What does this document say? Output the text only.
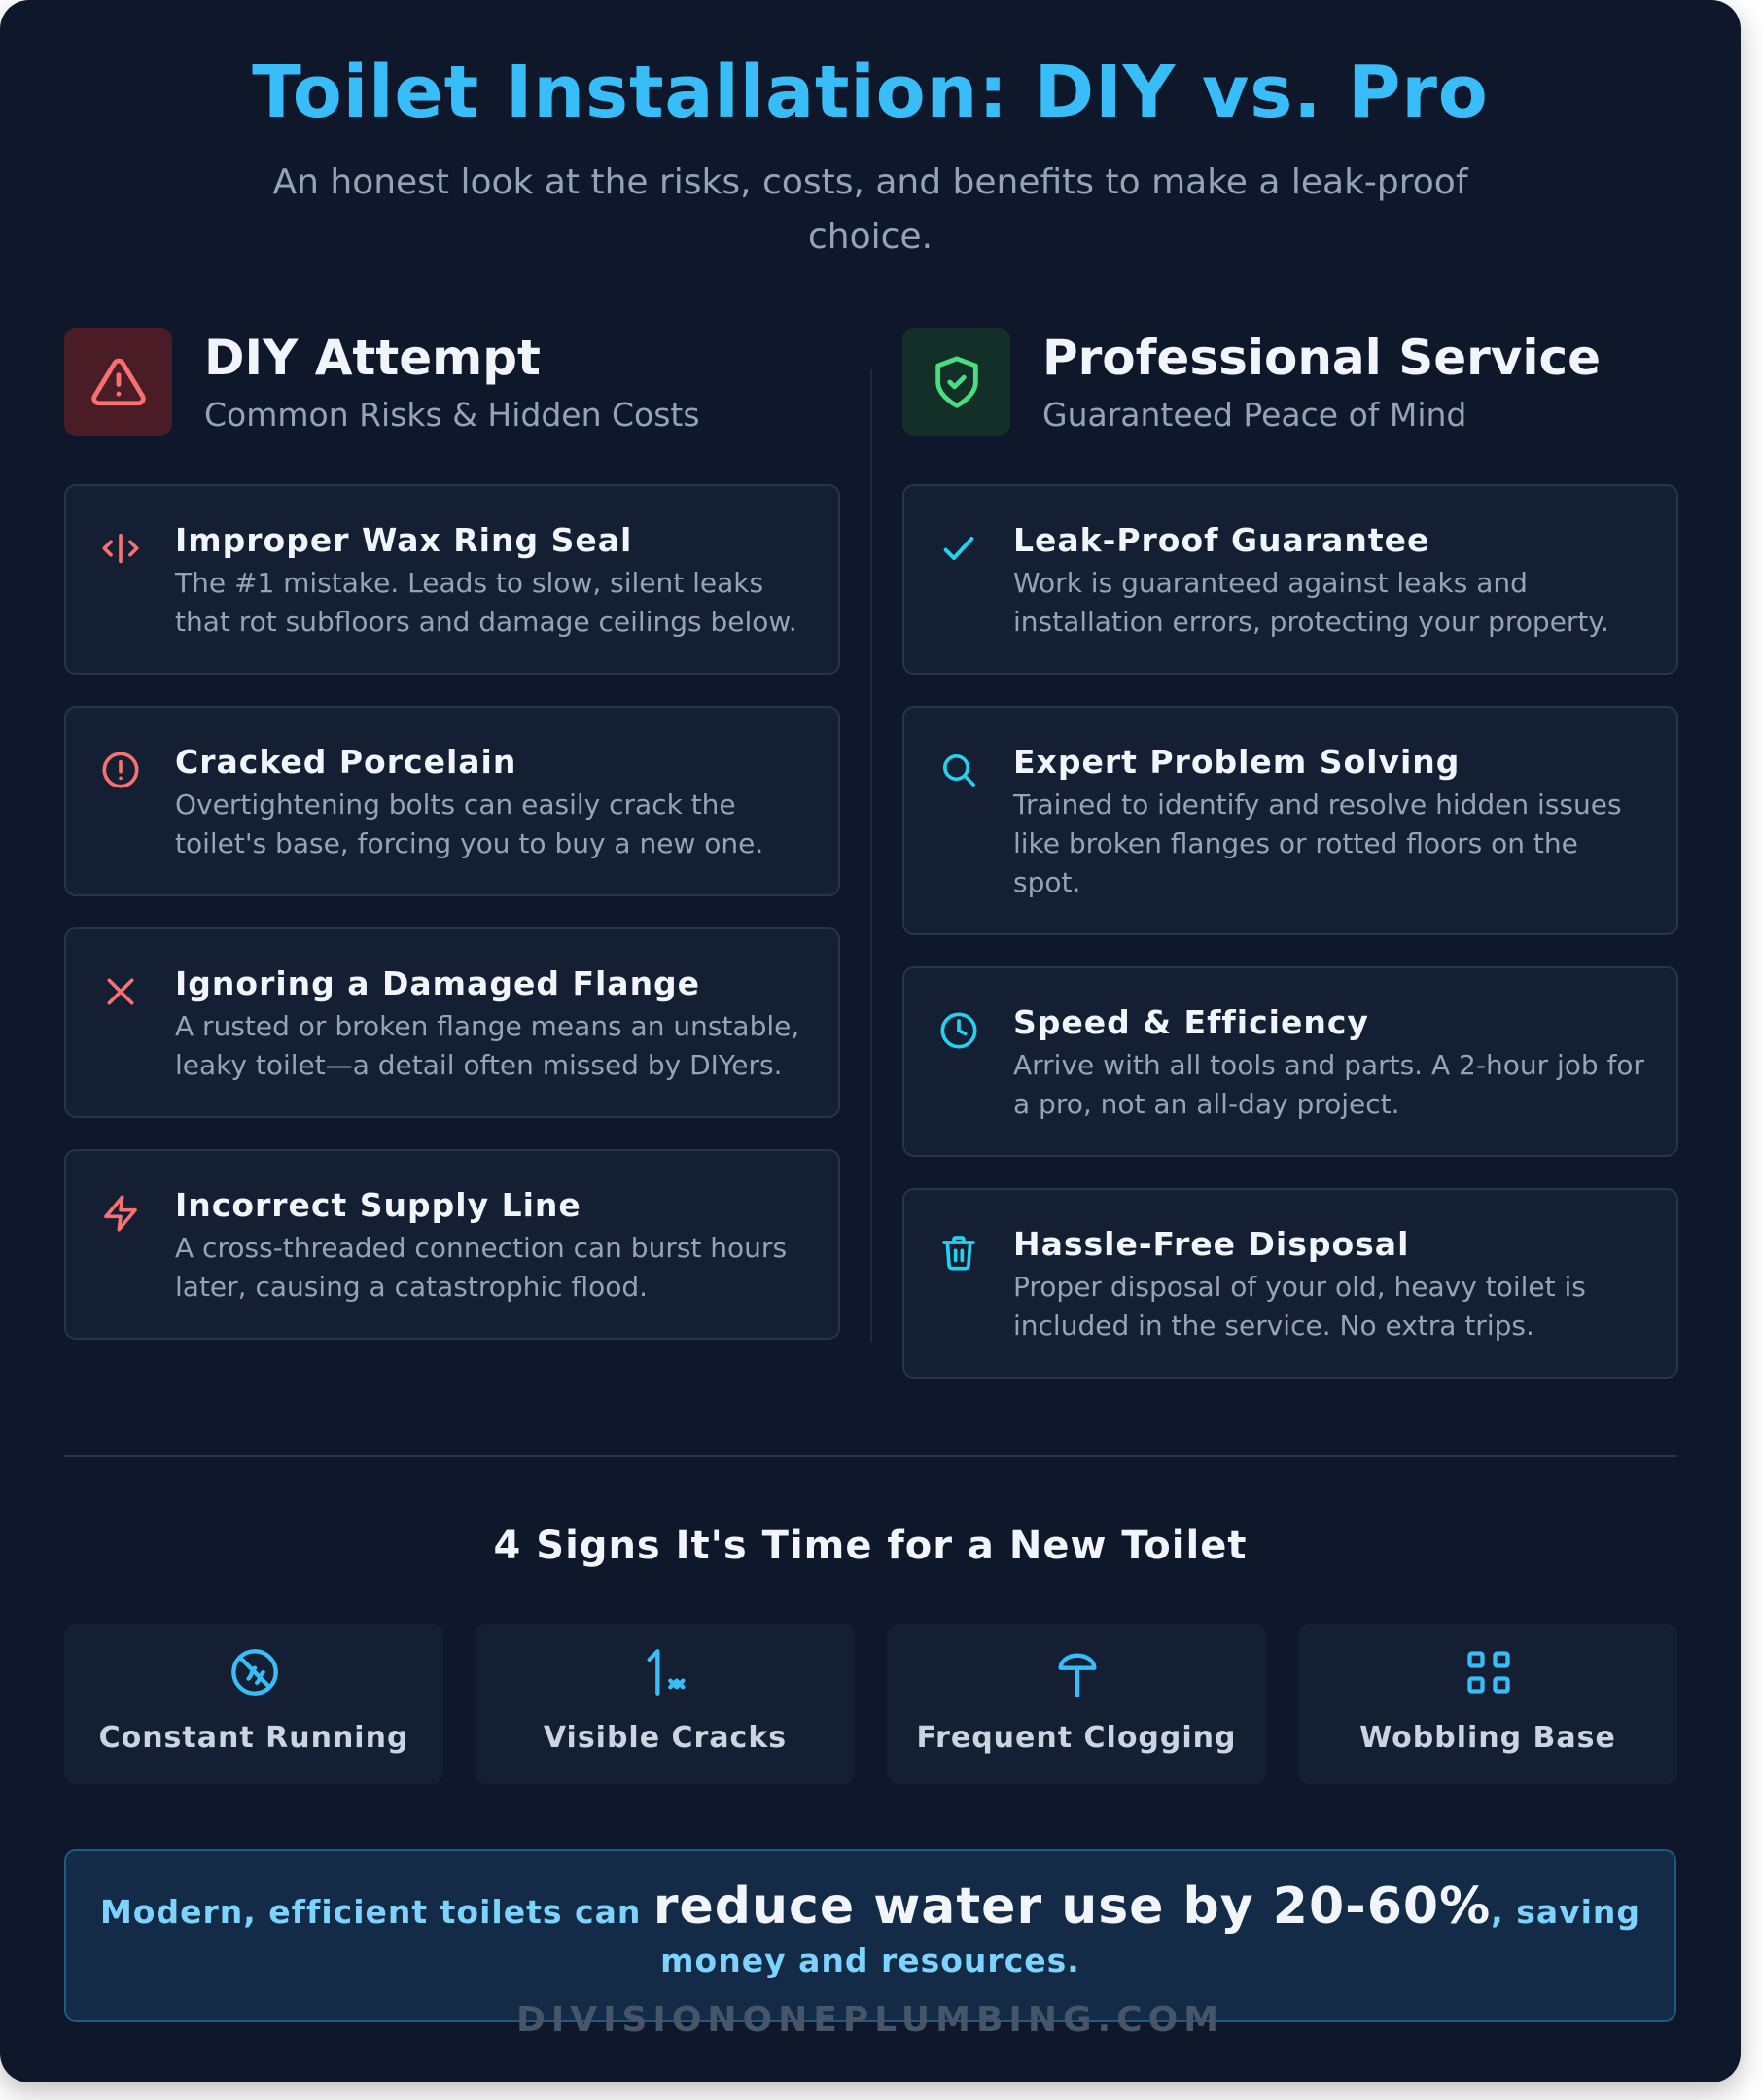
Toilet Installation: DIY vs. Pro

An honest look at the risks, costs, and benefits to make a leak-proof choice.

DIY Attempt
Common Risks & Hidden Costs
Professional Service
Guaranteed Peace of Mind
Improper Wax Ring Seal
The #1 mistake. Leads to slow, silent leaks that rot subfloors and damage ceilings below.
Cracked Porcelain
Overtightening bolts can easily crack the toilet's base, forcing you to buy a new one.
Ignoring a Damaged Flange
A rusted or broken flange means an unstable, leaky toilet—a detail often missed by DIYers.
Incorrect Supply Line
A cross-threaded connection can burst hours later, causing a catastrophic flood.
Leak-Proof Guarantee
Work is guaranteed against leaks and installation errors, protecting your property.
Expert Problem Solving
Trained to identify and resolve hidden issues like broken flanges or rotted floors on the spot.
Speed & Efficiency
Arrive with all tools and parts. A 2-hour job for a pro, not an all-day project.
Hassle-Free Disposal
Proper disposal of your old, heavy toilet is included in the service. No extra trips.
4 Signs It's Time for a New Toilet
Constant Running	Visible Cracks	Frequent Clogging	Wobbling Base
Modern, efficient toilets can reduce water use by 20-60%, saving money and resources.
DIVISIONONEPLUMBING.COM
